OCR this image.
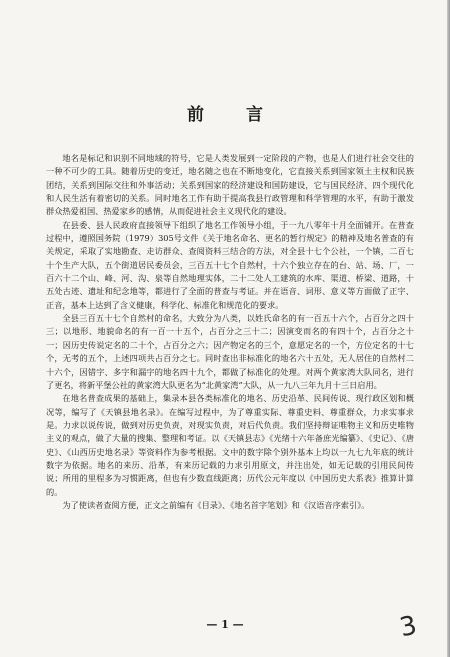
前 言

地名是标记和识别不同地域的符号，它是人类发展到一定阶段的产物，也是人们进行社会交往的一种不可少的工具。随着历史的变迁，地名随之也在不断地变化，它直接关系到国家领土主权和民族团结，关系到国际交往和外事活动；关系到国家的经济建设和国防建设，它与国民经济、四个现代化和人民生活有着密切的关系。同时地名工作有助于提高我县行政管理和科学管理的水平，有助于激发群众热爱祖国、热爱家乡的感情，从而促进社会主义现代化的建设。

在县委、县人民政府直接领导下组织了地名工作领导小组，于一九八零年十月全面铺开。在普查过程中，遵照国务院（1979）305号文件《关于地名命名、更名的暂行规定》的精神及地名普查的有关规定，采取了实地勘查、走访群众、查阅资料三结合的方法，对全县十七个公社，一个镇，二百七十个生产大队，五个街道居民委员会，三百五十七个自然村，十六个独立存在的台、站、场、厂，一百六十二个山、峰、河、沟、泉等自然地理实体，二十二处人工建筑的水库、渠道、桥梁、道路，十五处古迹、遗址和纪念地等，都进行了全面的普查与考证。并在语音、词形、意义等方面做了正字、正音，基本上达到了含义健康，科学化、标准化和规范化的要求。

全县三百五十七个自然村的命名，大致分为八类，以姓氏命名的有一百五十六个，占百分之四十三；以地形、地貌命名的有一百一十五个，占百分之三十二；因演变而名的有四十个，占百分之十一；因历史传说定名的二十个，占百分之六；因产物定名的三个，意愿定名的一个，方位定名的十七个，无考的五个，上述四项共占百分之七。同时查出非标准化的地名六十五处，无人居住的自然村二十六个，因错字、多字和漏字的地名四十九个，都做了标准化的处理。对两个黄家湾大队同名，进行了更名，将新平堡公社的黄家湾大队更名为“北黄家湾”大队，从一九八三年九月十三日启用。

在地名普查成果的基础上，集录本县各类标准化的地名、历史沿革、民间传说、现行政区划和概况等，编写了《天镇县地名录》。在编写过程中，为了尊重实际、尊重史料、尊重群众，力求实事求是。力求以说传说，做到对历史负责，对现实负责，对后代负责。我们坚持辩证唯物主义和历史唯物主义的观点，做了大量的搜集、整理和考证。以《天镇县志》《光绪十六年备庶光编纂》、《史记》、《唐史》、《山西历史地名录》等资料作为参考根据。文中的数字除个别外基本上均以一九七九年底的统计数字为依据。地名的来历、沿革，有来历记载的力求引用原文，并注出处，如无记载的引用民间传说；所用的里程多为习惯距离，但也有少数直线距离；历代公元年度以《中国历史大系表》推算计算的。

为了使读者查阅方便，正文之前编有《目录》、《地名首字笔划》和《汉语音序索引》。

— 1 —	3
